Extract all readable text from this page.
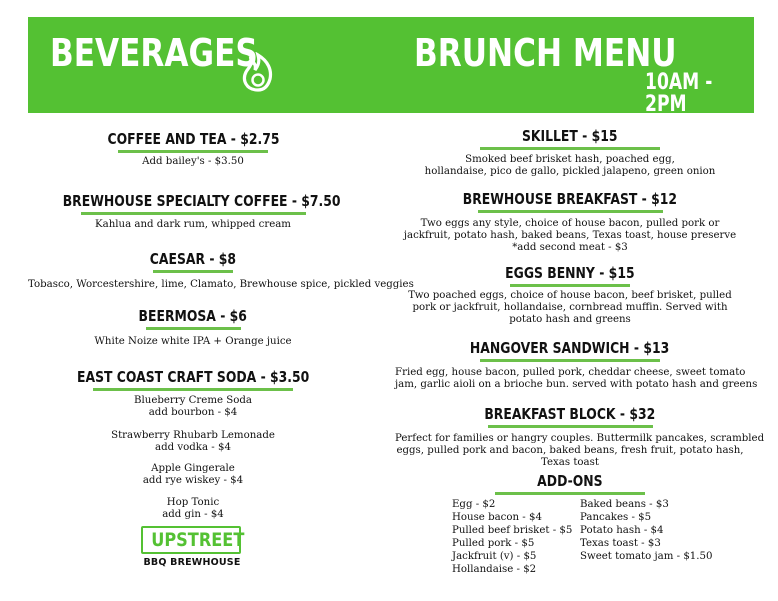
BEVERAGES	BRUNCH MENU
10AM - 2PM
COFFEE AND TEA - $2.75
Add bailey's - $3.50
BREWHOUSE SPECIALTY COFFEE - $7.50
Kahlua and dark rum, whipped cream
CAESAR - $8
Tobasco, Worcestershire, lime, Clamato, Brewhouse spice, pickled veggies
BEERMOSA - $6
White Noize white IPA + Orange juice
EAST COAST CRAFT SODA - $3.50
Blueberry Creme Soda
add bourbon - $4
Strawberry Rhubarb Lemonade
add vodka - $4
Apple Gingerale
add rye wiskey - $4
Hop Tonic
add gin - $4
UPSTREET
BBQ BREWHOUSE
SKILLET - $15
Smoked beef brisket hash, poached egg,
hollandaise, pico de gallo, pickled jalapeno, green onion
BREWHOUSE BREAKFAST - $12
Two eggs any style, choice of house bacon, pulled pork or
jackfruit, potato hash, baked beans, Texas toast, house preserve
*add second meat - $3
EGGS BENNY - $15
Two poached eggs, choice of house bacon, beef brisket, pulled
pork or jackfruit, hollandaise, cornbread muffin. Served with
potato hash and greens
HANGOVER SANDWICH - $13
Fried egg, house bacon, pulled pork, cheddar cheese, sweet tomato
jam, garlic aioli on a brioche bun. served with potato hash and greens
BREAKFAST BLOCK - $32
Perfect for families or hangry couples. Buttermilk pancakes, scrambled
eggs, pulled pork and bacon, baked beans, fresh fruit, potato hash,
Texas toast
ADD-ONS
Egg - $2
House bacon - $4
Pulled beef brisket - $5
Pulled pork - $5
Jackfruit (v) - $5
Hollandaise - $2
Baked beans - $3
Pancakes - $5
Potato hash - $4
Texas toast - $3
Sweet tomato jam - $1.50
